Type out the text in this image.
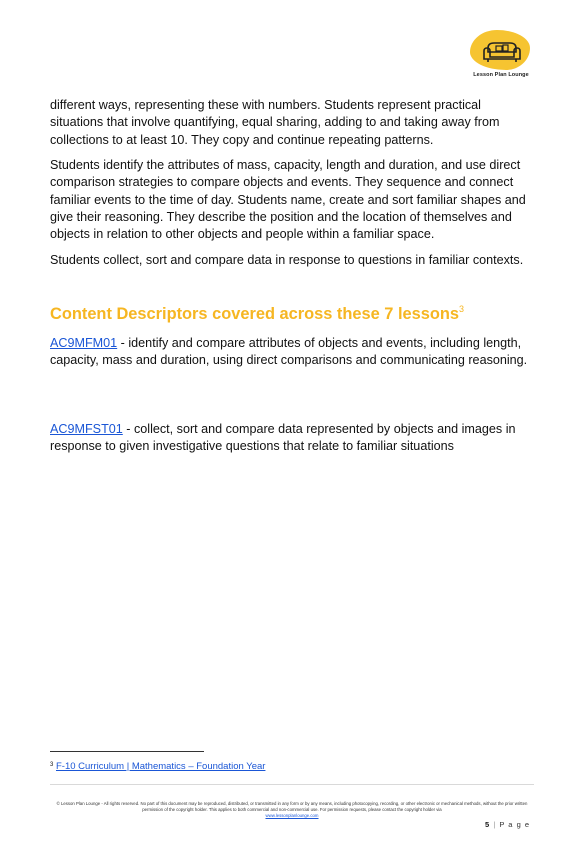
Lesson Plan Lounge

different ways, representing these with numbers. Students represent practical situations that involve quantifying, equal sharing, adding to and taking away from collections to at least 10. They copy and continue repeating patterns.

Students identify the attributes of mass, capacity, length and duration, and use direct comparison strategies to compare objects and events. They sequence and connect familiar events to the time of day. Students name, create and sort familiar shapes and give their reasoning. They describe the position and the location of themselves and objects in relation to other objects and people within a familiar space.

Students collect, sort and compare data in response to questions in familiar contexts.

Content Descriptors covered across these 7 lessons$^3$

AC9MFM01 - identify and compare attributes of objects and events, including length, capacity, mass and duration, using direct comparisons and communicating reasoning.

AC9MFST01 - collect, sort and compare data represented by objects and images in response to given investigative questions that relate to familiar situations

$^3$ F-10 Curriculum | Mathematics – Foundation Year

© Lesson Plan Lounge - All rights reserved. No part of this document may be reproduced, distributed, or transmitted in any form or by any means, including photocopying, recording, or other electronic or mechanical methods, without the prior written permission of the copyright holder. This applies to both commercial and non-commercial use. For permission requests, please contact the copyright holder via
www.lessonplanlounge.com

5 | P a g e
